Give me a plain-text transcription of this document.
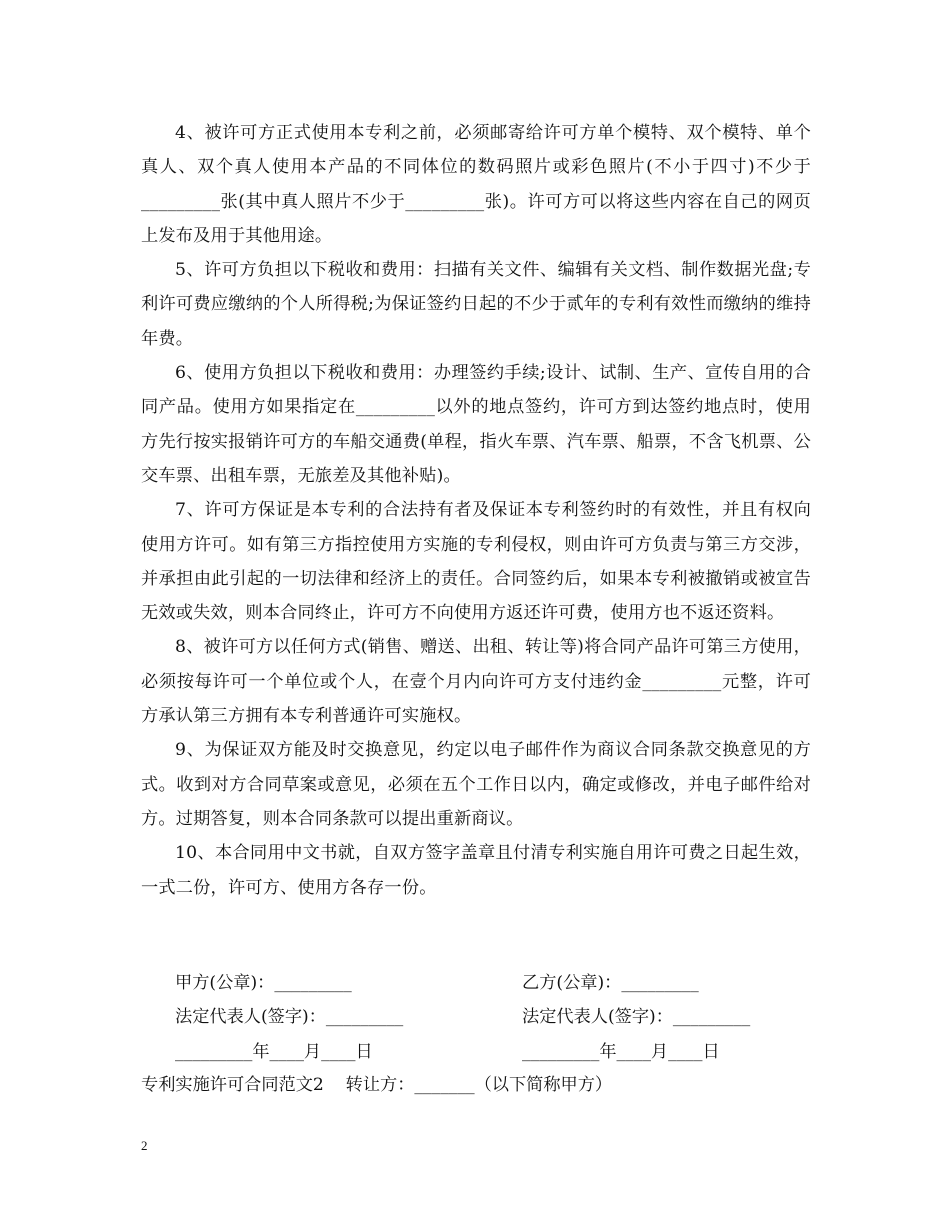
4、被许可方正式使用本专利之前，必须邮寄给许可方单个模特、双个模特、单个真人、双个真人使用本产品的不同体位的数码照片或彩色照片(不小于四寸)不少于_________张(其中真人照片不少于_________张)。许可方可以将这些内容在自己的网页上发布及用于其他用途。

5、许可方负担以下税收和费用：扫描有关文件、编辑有关文档、制作数据光盘;专利许可费应缴纳的个人所得税;为保证签约日起的不少于贰年的专利有效性而缴纳的维持年费。

6、使用方负担以下税收和费用：办理签约手续;设计、试制、生产、宣传自用的合同产品。使用方如果指定在_________以外的地点签约，许可方到达签约地点时，使用方先行按实报销许可方的车船交通费(单程，指火车票、汽车票、船票，不含飞机票、公交车票、出租车票，无旅差及其他补贴)。

7、许可方保证是本专利的合法持有者及保证本专利签约时的有效性，并且有权向使用方许可。如有第三方指控使用方实施的专利侵权，则由许可方负责与第三方交涉，并承担由此引起的一切法律和经济上的责任。合同签约后，如果本专利被撤销或被宣告无效或失效，则本合同终止，许可方不向使用方返还许可费，使用方也不返还资料。

8、被许可方以任何方式(销售、赠送、出租、转让等)将合同产品许可第三方使用，必须按每许可一个单位或个人，在壹个月内向许可方支付违约金_________元整，许可方承认第三方拥有本专利普通许可实施权。

9、为保证双方能及时交换意见，约定以电子邮件作为商议合同条款交换意见的方式。收到对方合同草案或意见，必须在五个工作日以内，确定或修改，并电子邮件给对方。过期答复，则本合同条款可以提出重新商议。

10、本合同用中文书就，自双方签字盖章且付清专利实施自用许可费之日起生效，一式二份，许可方、使用方各存一份。

甲方(公章)：_________	乙方(公章)：_________
法定代表人(签字)：_________	法定代表人(签字)：_________
_________年____月____日	_________年____月____日
专利实施许可合同范文2    转让方：_______（以下简称甲方）
2
